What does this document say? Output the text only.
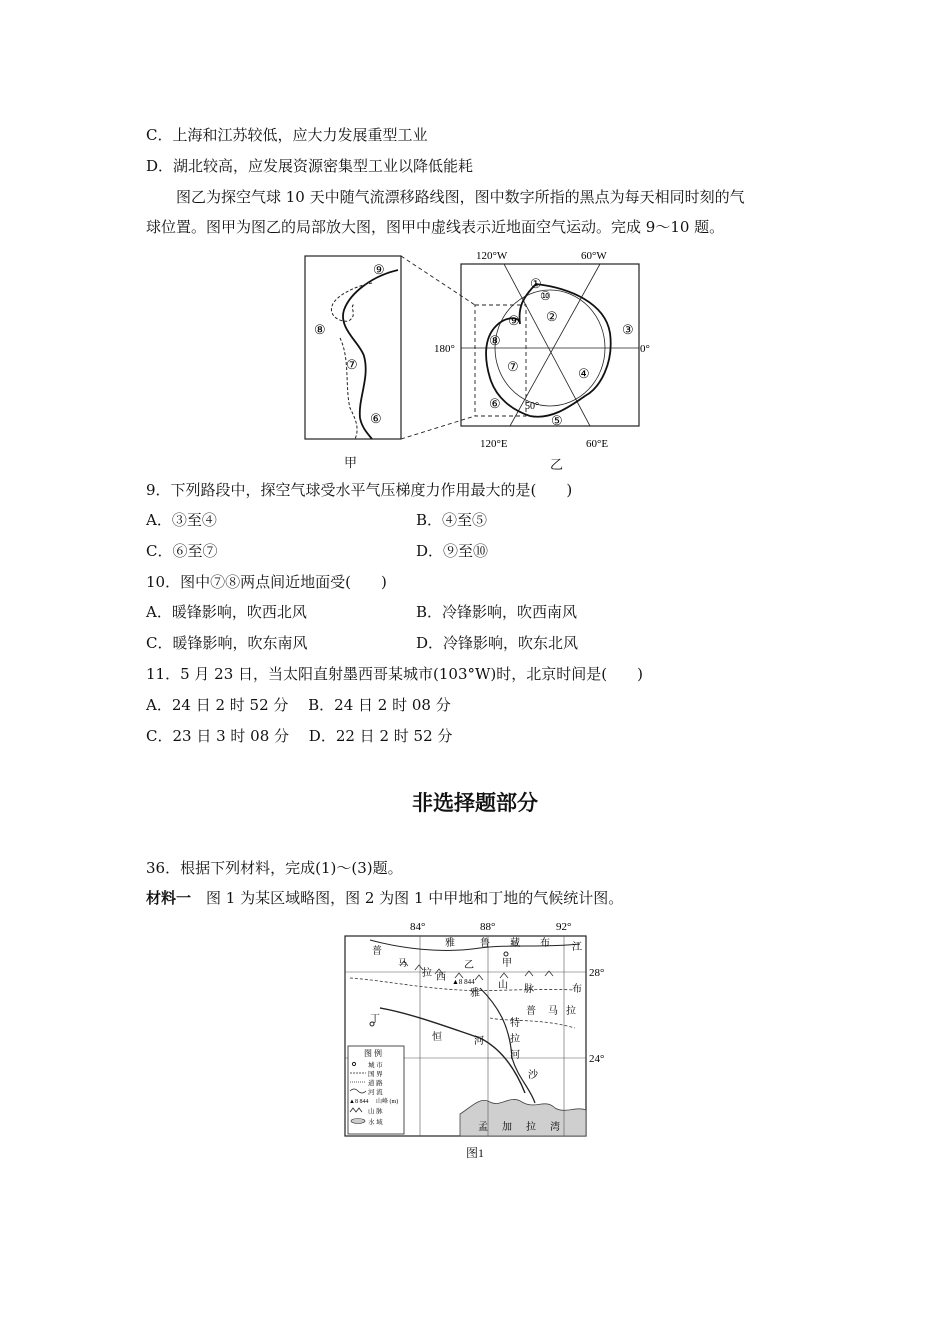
C．上海和江苏较低，应大力发展重型工业
D．湖北较高，应发展资源密集型工业以降低能耗
图乙为探空气球 10 天中随气流漂移路线图，图中数字所指的黑点为每天相同时刻的气
球位置。图甲为图乙的局部放大图，图甲中虚线表示近地面空气运动。完成 9～10 题。
⑨
⑧
⑦
⑥
120°W	60°W
180°	0°
120°E	60°E
50°
①
⑩
②
③
④
⑤
⑥
⑦
⑧
⑨
甲	乙
9．下列路段中，探空气球受水平气压梯度力作用最大的是(　　)
A．③至④	B．④至⑤
C．⑥至⑦	D．⑨至⑩
10．图中⑦⑧两点间近地面受(　　)
A．暖锋影响，吹西北风	B．冷锋影响，吹西南风
C．暖锋影响，吹东南风	D．冷锋影响，吹东北风
11．5 月 23 日，当太阳直射墨西哥某城市(103°W)时，北京时间是(　　)
A．24 日 2 时 52 分　 B．24 日 2 时 08 分
C．23 日 3 时 08 分　 D．22 日 2 时 52 分
非选择题部分
36．根据下列材料，完成(1)～(3)题。
材料一　图 1 为某区域略图，图 2 为图 1 中甲地和丁地的气候统计图。
图 例
城 市
国 界
道 路
河 流
▲8 844 山峰 (m)
山 脉
水 域
84°	88°	92°
28°
24°
雅	鲁 藏 布 江
普
马
拉 西 ▲8 844
雅
山
甲
乙
脉
普 马 拉
布
丁
恒	河
特
拉
河
沙
孟 加 拉 湾
图1
